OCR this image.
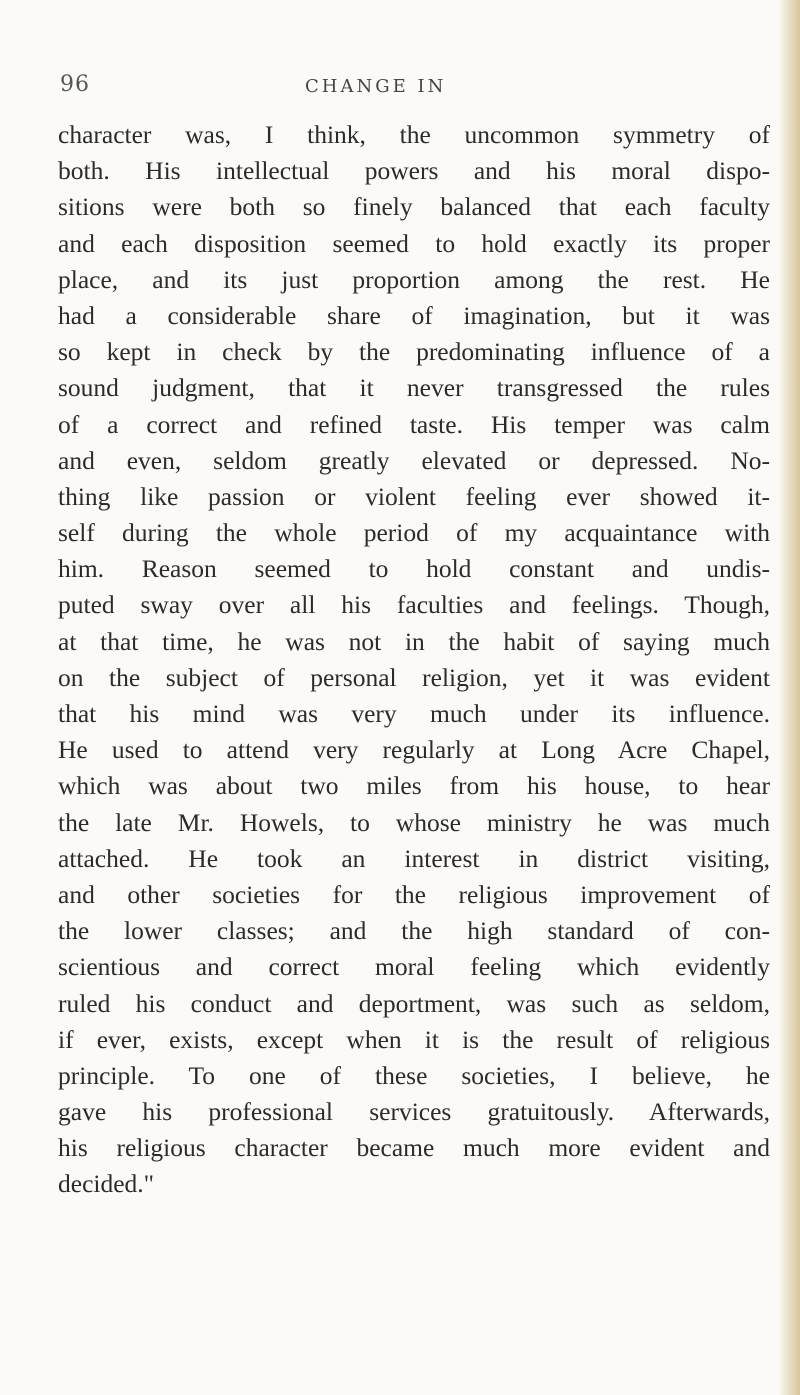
96	CHANGE IN
character was, I think, the uncommon symmetry of
both. His intellectual powers and his moral dispo-
sitions were both so finely balanced that each faculty
and each disposition seemed to hold exactly its proper
place, and its just proportion among the rest. He
had a considerable share of imagination, but it was
so kept in check by the predominating influence of a
sound judgment, that it never transgressed the rules
of a correct and refined taste. His temper was calm
and even, seldom greatly elevated or depressed. No-
thing like passion or violent feeling ever showed it-
self during the whole period of my acquaintance with
him. Reason seemed to hold constant and undis-
puted sway over all his faculties and feelings. Though,
at that time, he was not in the habit of saying much
on the subject of personal religion, yet it was evident
that his mind was very much under its influence.
He used to attend very regularly at Long Acre Chapel,
which was about two miles from his house, to hear
the late Mr. Howels, to whose ministry he was much
attached. He took an interest in district visiting,
and other societies for the religious improvement of
the lower classes; and the high standard of con-
scientious and correct moral feeling which evidently
ruled his conduct and deportment, was such as seldom,
if ever, exists, except when it is the result of religious
principle. To one of these societies, I believe, he
gave his professional services gratuitously. Afterwards,
his religious character became much more evident and
decided."
